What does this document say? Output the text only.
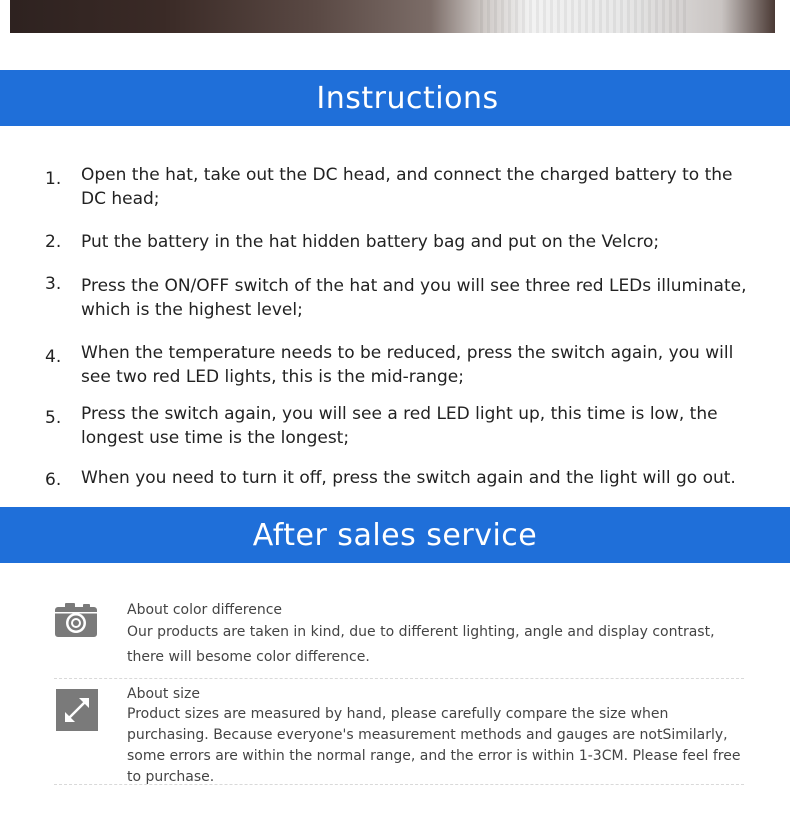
Instructions
1. Open the hat, take out the DC head, and connect the charged battery to the DC head;
2. Put the battery in the hat hidden battery bag and put on the Velcro;
3. Press the ON/OFF switch of the hat and you will see three red LEDs illuminate, which is the highest level;
4. When the temperature needs to be reduced, press the switch again, you will see two red LED lights, this is the mid-range;
5. Press the switch again, you will see a red LED light up, this time is low, the longest use time is the longest;
6. When you need to turn it off, press the switch again and the light will go out.
After sales service
About color difference
Our products are taken in kind, due to different lighting, angle and display contrast, there will besome color difference.
About size
Product sizes are measured by hand, please carefully compare the size when purchasing. Because everyone's measurement methods and gauges are notSimilarly, some errors are within the normal range, and the error is within 1-3CM. Please feel free to purchase.
